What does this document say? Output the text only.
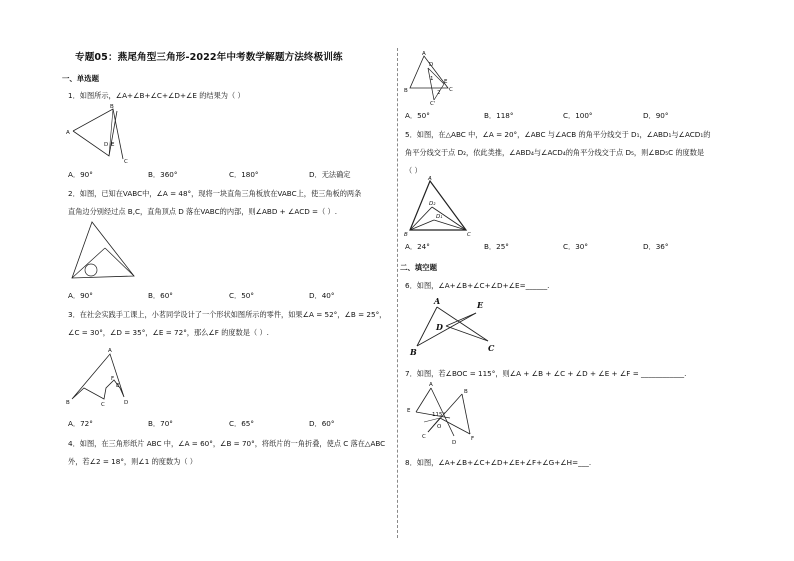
专题05：燕尾角型三角形-2022年中考数学解题方法终极训练
一、单选题
1．如图所示，∠A+∠B+∠C+∠D+∠E 的结果为（ ）
A
B
C
D E
A．90°	B．360°	C．180°	D．无法确定
2．如图，已知在VABC中，∠A = 48°，现将一块直角三角板放在VABC上，使三角板的两条
直角边分别经过点 B,C，直角顶点 D 落在VABC的内部，则∠ABD + ∠ACD =（ ）.
A．90°	B．60°	C．50°	D．40°
3．在社会实践手工课上，小茗同学设计了一个形状如图所示的零件，如果∠A = 52°，∠B = 25°，
∠C = 30°，∠D = 35°，∠E = 72°，那么∠F 的度数是（ ）.
A
B	C	D
E
F
A．72°	B．70°	C．65°	D．60°
4．如图，在三角形纸片 ABC 中，∠A = 60°，∠B = 70°，将纸片的一角折叠，使点 C 落在△ABC
外，若∠2 = 18°，则∠1 的度数为（ ）
A
B	C
D
E
C'
1
2
A．50°	B．118°	C．100°	D．90°
5．如图，在△ABC 中，∠A = 20°，∠ABC 与∠ACB 的角平分线交于 D₁，∠ABD₁与∠ACD₁的
角平分线交于点 D₂，依此类推，∠ABD₄与∠ACD₄的角平分线交于点 D₅，则∠BD₅C 的度数是
（ ）
A
B	C
D₁
D₂
A．24°	B．25°	C．30°	D．36°
二、填空题
6．如图，∠A+∠B+∠C+∠D+∠E=______.
A
B	C
D
E
7．如图，若∠BOC = 115°，则∠A + ∠B + ∠C + ∠D + ∠E + ∠F = ____________.
A
B
C
D
E
F
O
115°
8．如图，∠A+∠B+∠C+∠D+∠E+∠F+∠G+∠H=___.
